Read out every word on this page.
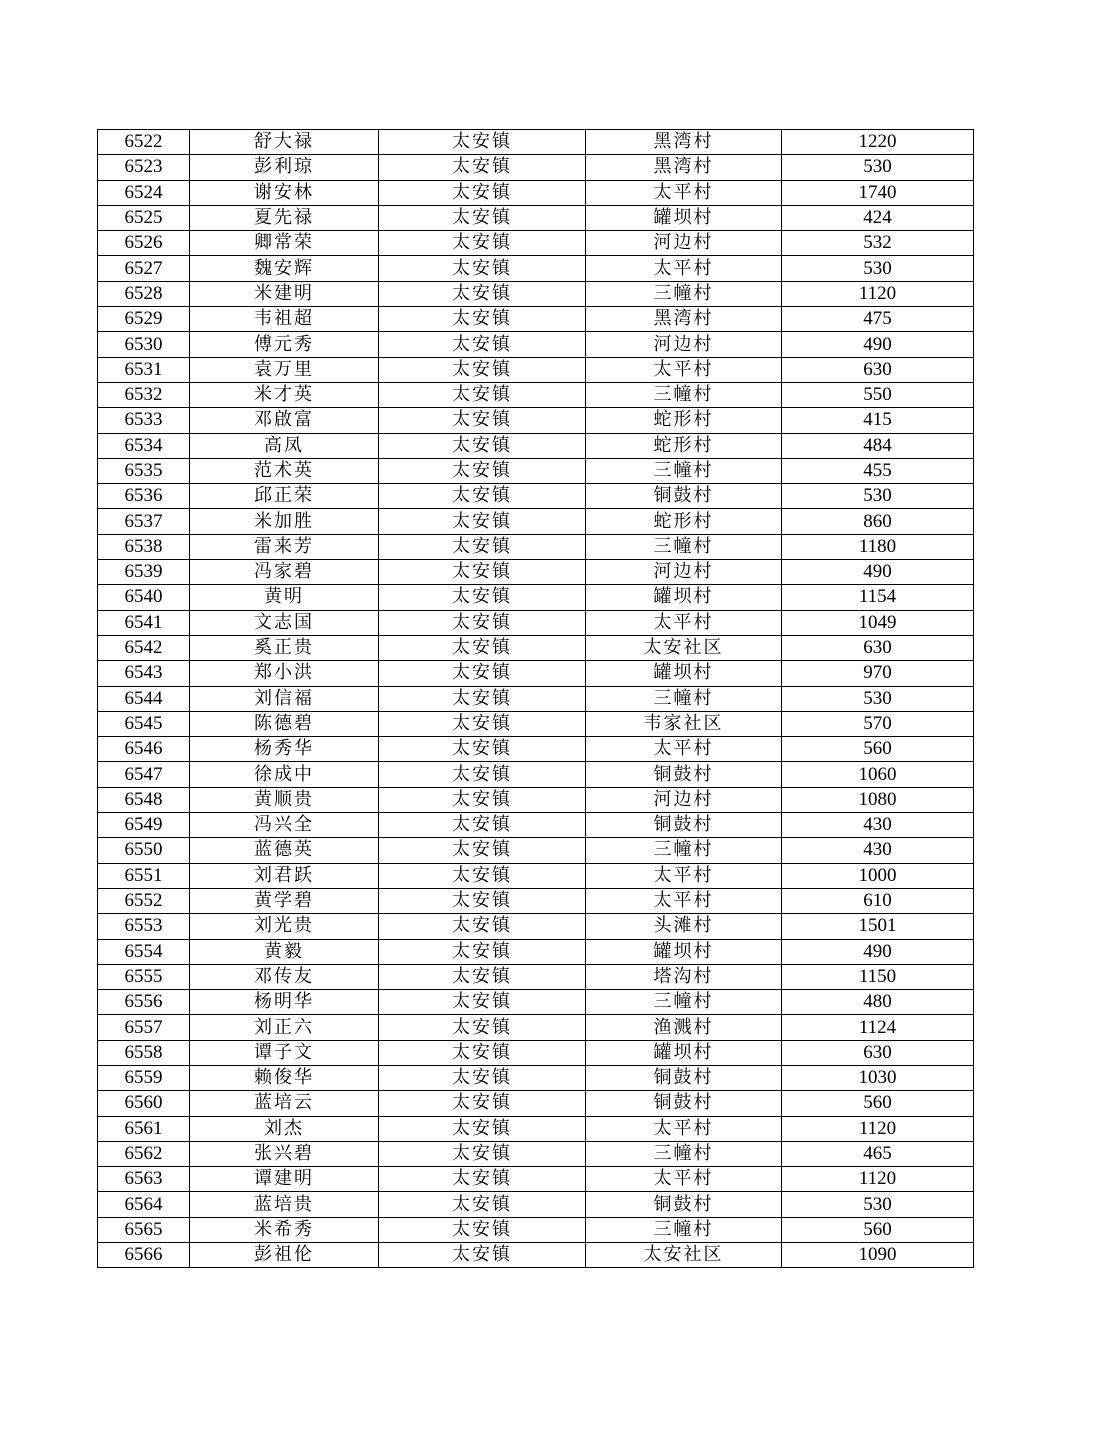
6522	舒大禄	太安镇	黑湾村	1220
6523	彭利琼	太安镇	黑湾村	530
6524	谢安林	太安镇	太平村	1740
6525	夏先禄	太安镇	罐坝村	424
6526	卿常荣	太安镇	河边村	532
6527	魏安辉	太安镇	太平村	530
6528	米建明	太安镇	三幢村	1120
6529	韦祖超	太安镇	黑湾村	475
6530	傅元秀	太安镇	河边村	490
6531	袁万里	太安镇	太平村	630
6532	米才英	太安镇	三幢村	550
6533	邓啟富	太安镇	蛇形村	415
6534	高凤	太安镇	蛇形村	484
6535	范术英	太安镇	三幢村	455
6536	邱正荣	太安镇	铜鼓村	530
6537	米加胜	太安镇	蛇形村	860
6538	雷来芳	太安镇	三幢村	1180
6539	冯家碧	太安镇	河边村	490
6540	黄明	太安镇	罐坝村	1154
6541	文志国	太安镇	太平村	1049
6542	奚正贵	太安镇	太安社区	630
6543	郑小洪	太安镇	罐坝村	970
6544	刘信福	太安镇	三幢村	530
6545	陈德碧	太安镇	韦家社区	570
6546	杨秀华	太安镇	太平村	560
6547	徐成中	太安镇	铜鼓村	1060
6548	黄顺贵	太安镇	河边村	1080
6549	冯兴全	太安镇	铜鼓村	430
6550	蓝德英	太安镇	三幢村	430
6551	刘君跃	太安镇	太平村	1000
6552	黄学碧	太安镇	太平村	610
6553	刘光贵	太安镇	头滩村	1501
6554	黄毅	太安镇	罐坝村	490
6555	邓传友	太安镇	塔沟村	1150
6556	杨明华	太安镇	三幢村	480
6557	刘正六	太安镇	渔溅村	1124
6558	谭子文	太安镇	罐坝村	630
6559	赖俊华	太安镇	铜鼓村	1030
6560	蓝培云	太安镇	铜鼓村	560
6561	刘杰	太安镇	太平村	1120
6562	张兴碧	太安镇	三幢村	465
6563	谭建明	太安镇	太平村	1120
6564	蓝培贵	太安镇	铜鼓村	530
6565	米希秀	太安镇	三幢村	560
6566	彭祖伦	太安镇	太安社区	1090
